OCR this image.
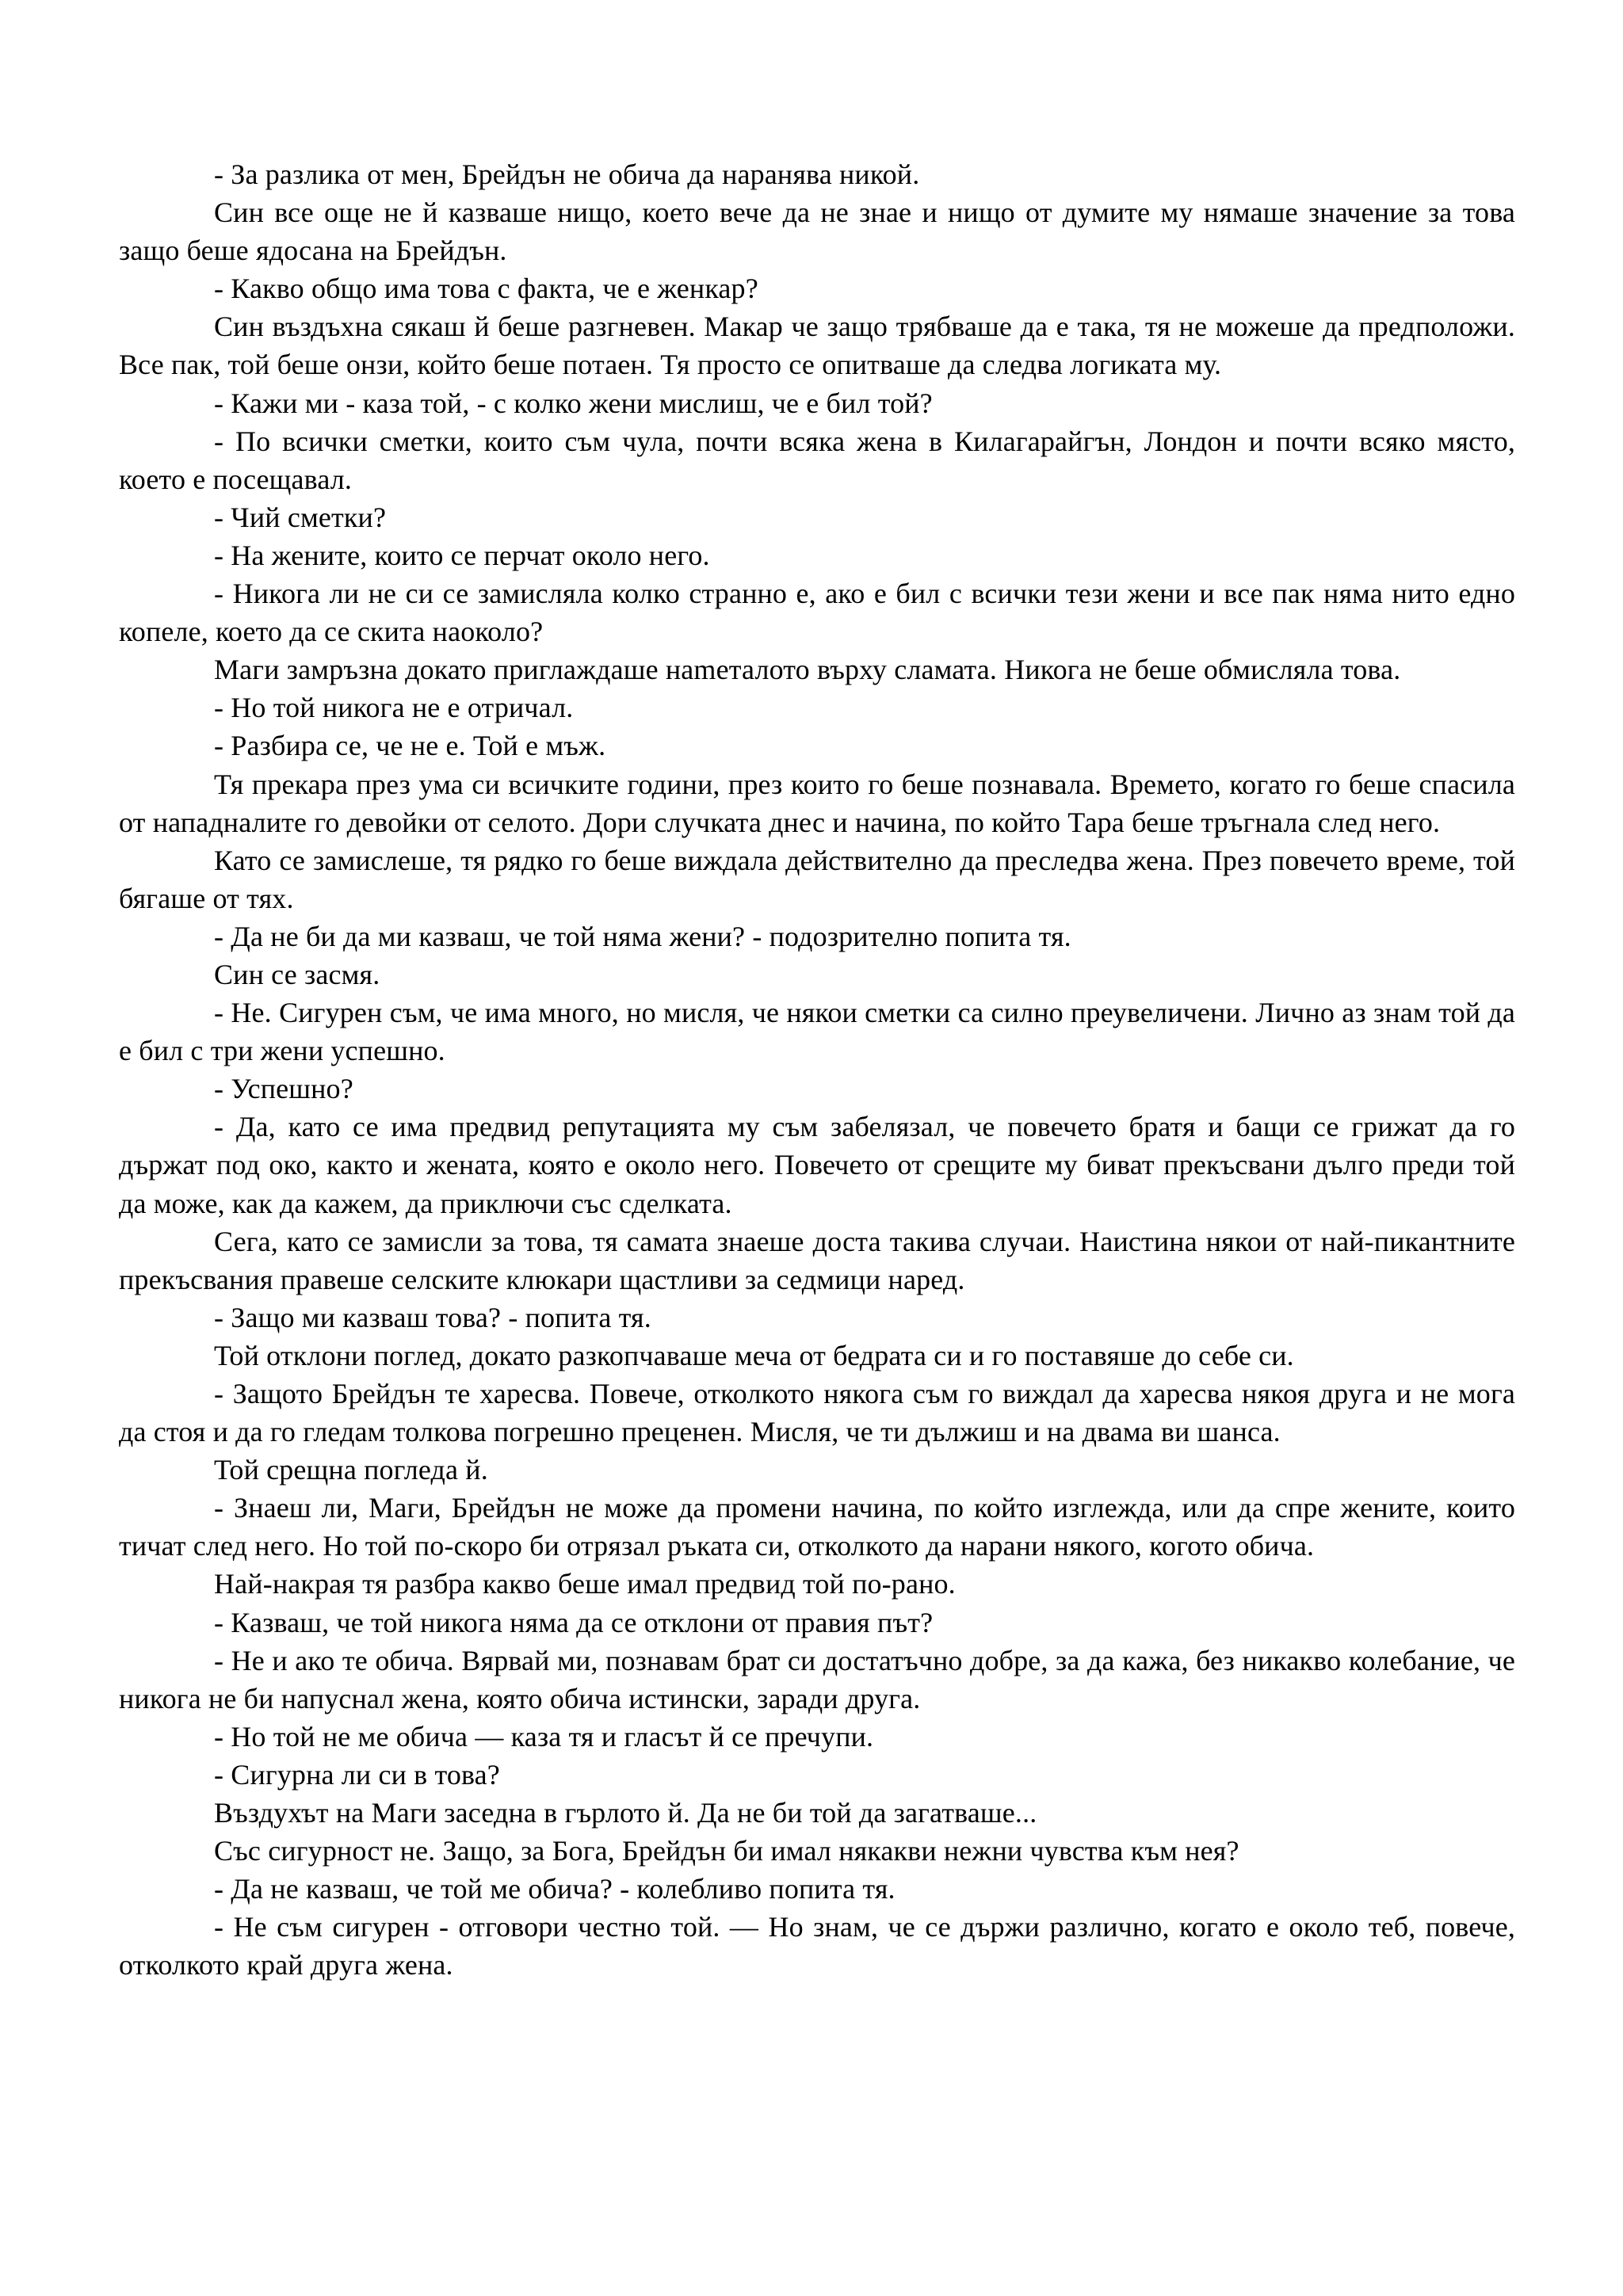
- За разлика от мен, Брейдън не обича да наранява никой.

Син все още не й казваше нищо, което вече да не знае и нищо от думите му нямаше значение за това защо беше ядосана на Брейдън.

- Какво общо има това с факта, че е женкар?

Син въздъхна сякаш й беше разгневен. Макар че защо трябваше да е така, тя не можеше да предположи. Все пак, той беше онзи, който беше потаен. Тя просто се опитваше да следва логиката му.

- Кажи ми - каза той, - с колко жени мислиш, че е бил той?

- По всички сметки, които съм чула, почти всяка жена в Килагарайгън, Лондон и почти всяко място, което е посещавал.

- Чий сметки?

- На жените, които се перчат около него.

- Никога ли не си се замисляла колко странно е, ако е бил с всички тези жени и все пак няма нито едно копеле, което да се скита наоколо?

Маги замръзна докато приглаждаше нameталото върху сламата. Никога не беше обмисляла това.

- Но той никога не е отричал.

- Разбира се, че не е. Той е мъж.

Тя прекара през ума си всичките години, през които го беше познавала. Времето, когато го беше спасила от нападналите го девойки от селото. Дори случката днес и начина, по който Тара беше тръгнала след него.

Като се замислеше, тя рядко го беше виждала действително да преследва жена. През повечето време, той бягаше от тях.

- Да не би да ми казваш, че той няма жени? - подозрително попита тя.

Син се засмя.

- Не. Сигурен съм, че има много, но мисля, че някои сметки са силно преувеличени. Лично аз знам той да е бил с три жени успешно.

- Успешно?

- Да, като се има предвид репутацията му съм забелязал, че повечето братя и бащи се грижат да го държат под око, както и жената, която е около него. Повечето от срещите му биват прекъсвани дълго преди той да може, как да кажем, да приключи със сделката.

Сега, като се замисли за това, тя самата знаеше доста такива случаи. Наистина някои от най-пикантните прекъсвания правеше селските клюкари щастливи за седмици наред.

- Защо ми казваш това? - попита тя.

Той отклони поглед, докато разкопчаваше меча от бедрата си и го поставяше до себе си.

- Защото Брейдън те харесва. Повече, отколкото някога съм го виждал да харесва някоя друга и не мога да стоя и да го гледам толкова погрешно преценен. Мисля, че ти дължиш и на двама ви шанса.

Той срещна погледа й.

- Знаеш ли, Маги, Брейдън не може да промени начина, по който изглежда, или да спре жените, които тичат след него. Но той по-скоро би отрязал ръката си, отколкото да нарани някого, когото обича.

Най-накрая тя разбра какво беше имал предвид той по-рано.

- Казваш, че той никога няма да се отклони от правия път?

- Не и ако те обича. Вярвай ми, познавам брат си достатъчно добре, за да кажа, без никакво колебание, че никога не би напуснал жена, която обича истински, заради друга.

- Но той не ме обича — каза тя и гласът й се пречупи.

- Сигурна ли си в това?

Въздухът на Маги заседна в гърлото й. Да не би той да загатваше...

Със сигурност не. Защо, за Бога, Брейдън би имал някакви нежни чувства към нея?

- Да не казваш, че той ме обича? - колебливо попита тя.

- Не съм сигурен - отговори честно той. — Но знам, че се държи различно, когато е около теб, повече, отколкото край друга жена.
